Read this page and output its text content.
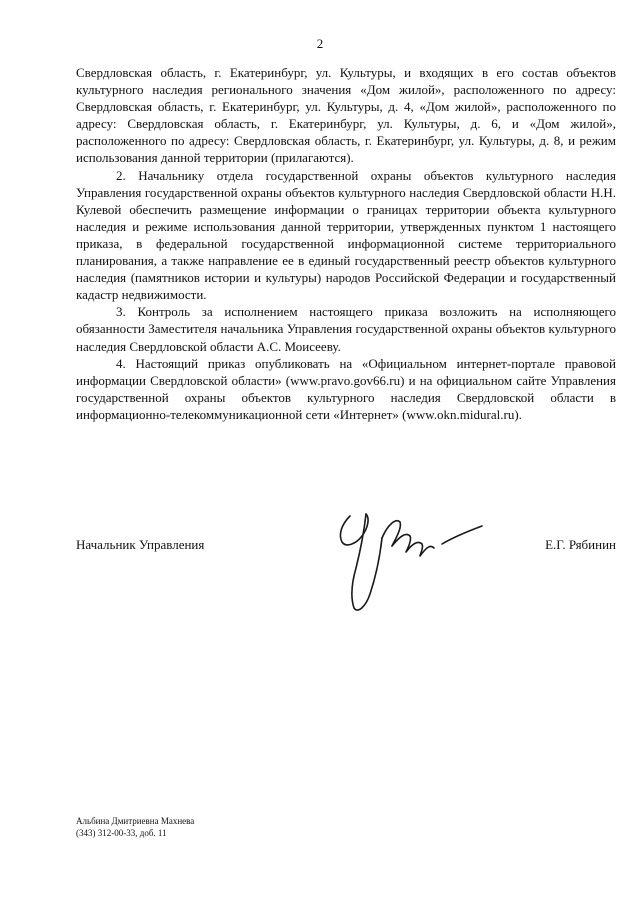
2

Свердловская область, г. Екатеринбург, ул. Культуры, и входящих в его состав объектов культурного наследия регионального значения «Дом жилой», расположенного по адресу: Свердловская область, г. Екатеринбург, ул. Культуры, д. 4, «Дом жилой», расположенного по адресу: Свердловская область, г. Екатеринбург, ул. Культуры, д. 6, и «Дом жилой», расположенного по адресу: Свердловская область, г. Екатеринбург, ул. Культуры, д. 8, и режим использования данной территории (прилагаются).

2. Начальнику отдела государственной охраны объектов культурного наследия Управления государственной охраны объектов культурного наследия Свердловской области Н.Н. Кулевой обеспечить размещение информации о границах территории объекта культурного наследия и режиме использования данной территории, утвержденных пунктом 1 настоящего приказа, в федеральной государственной информационной системе территориального планирования, а также направление ее в единый государственный реестр объектов культурного наследия (памятников истории и культуры) народов Российской Федерации и государственный кадастр недвижимости.

3. Контроль за исполнением настоящего приказа возложить на исполняющего обязанности Заместителя начальника Управления государственной охраны объектов культурного наследия Свердловской области А.С. Моисееву.

4. Настоящий приказ опубликовать на «Официальном интернет-портале правовой информации Свердловской области» (www.pravo.gov66.ru) и на официальном сайте Управления государственной охраны объектов культурного наследия Свердловской области в информационно-телекоммуникационной сети «Интернет» (www.okn.midural.ru).

Начальник Управления	Е.Г. Рябинин
Альбина Дмитриевна Махнева
(343) 312-00-33, доб. 11
